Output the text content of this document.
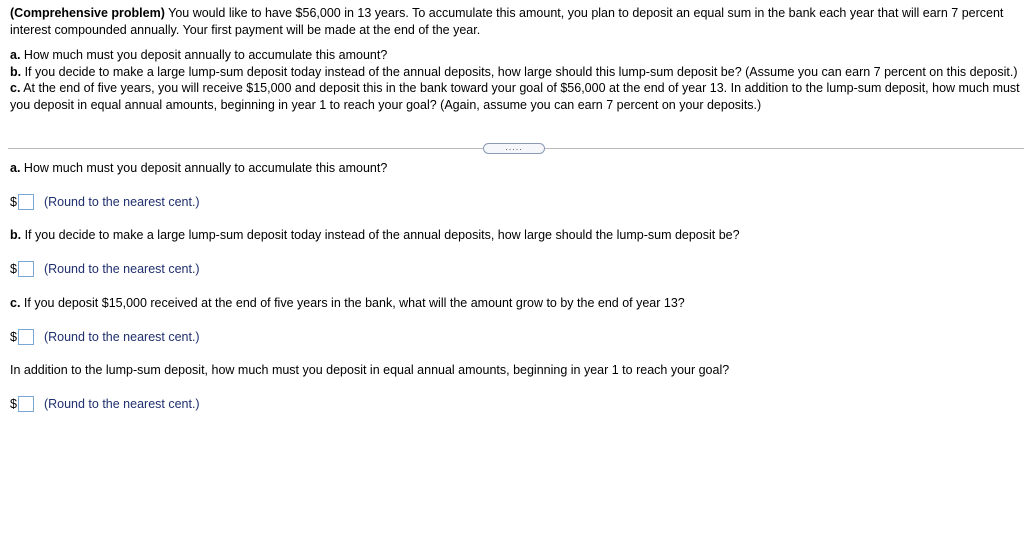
(Comprehensive problem) You would like to have $56,000 in 13 years. To accumulate this amount, you plan to deposit an equal sum in the bank each year that will earn 7 percent interest compounded annually. Your first payment will be made at the end of the year.

a. How much must you deposit annually to accumulate this amount?

b. If you decide to make a large lump-sum deposit today instead of the annual deposits, how large should this lump-sum deposit be? (Assume you can earn 7 percent on this deposit.)

c. At the end of five years, you will receive $15,000 and deposit this in the bank toward your goal of $56,000 at the end of year 13. In addition to the lump-sum deposit, how much must you deposit in equal annual amounts, beginning in year 1 to reach your goal? (Again, assume you can earn 7 percent on your deposits.)

.....
a. How much must you deposit annually to accumulate this amount?
$ (Round to the nearest cent.)
b. If you decide to make a large lump-sum deposit today instead of the annual deposits, how large should the lump-sum deposit be?
$ (Round to the nearest cent.)
c. If you deposit $15,000 received at the end of five years in the bank, what will the amount grow to by the end of year 13?
$ (Round to the nearest cent.)
In addition to the lump-sum deposit, how much must you deposit in equal annual amounts, beginning in year 1 to reach your goal?
$ (Round to the nearest cent.)
